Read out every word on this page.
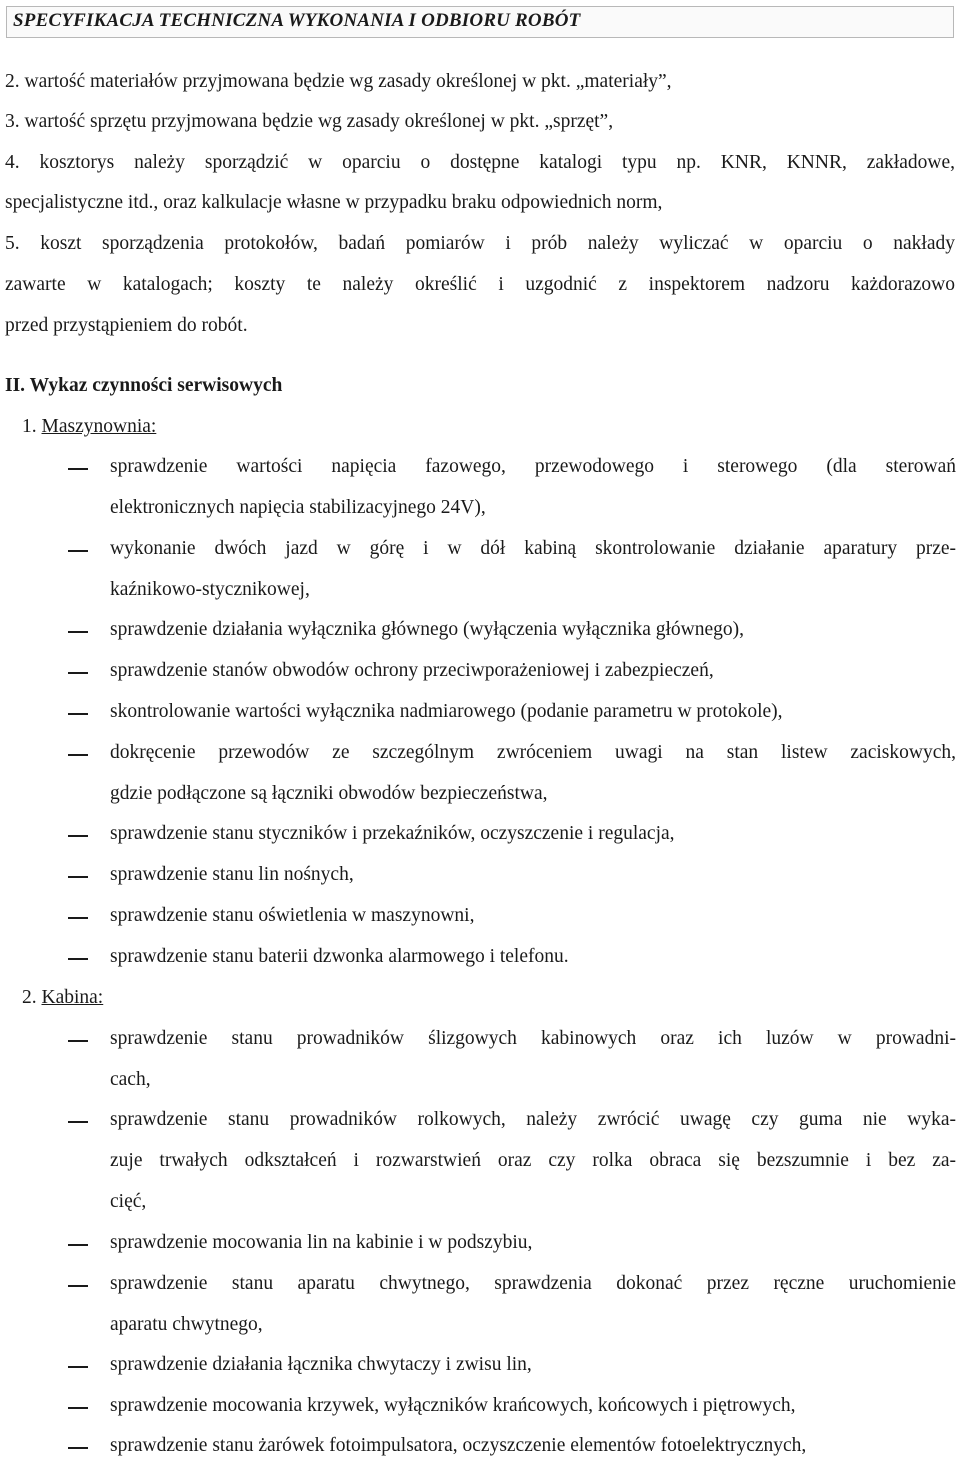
SPECYFIKACJA TECHNICZNA WYKONANIA I ODBIORU ROBÓT
2. wartość materiałów przyjmowana będzie wg zasady określonej w pkt. „materiały”,
3. wartość sprzętu przyjmowana będzie wg zasady określonej w pkt. „sprzęt”,
4. kosztorys należy sporządzić w oparciu o dostępne katalogi typu np. KNR, KNNR, zakładowe,
specjalistyczne itd., oraz kalkulacje własne w przypadku braku odpowiednich norm,
5. koszt sporządzenia protokołów, badań pomiarów i prób należy wyliczać w oparciu o nakłady
zawarte w katalogach; koszty te należy określić i uzgodnić z inspektorem nadzoru każdorazowo
przed przystąpieniem do robót.
II. Wykaz czynności serwisowych
1. Maszynownia:
sprawdzenie wartości napięcia fazowego, przewodowego i sterowego (dla sterowań
elektronicznych napięcia stabilizacyjnego 24V),
wykonanie dwóch jazd w górę i w dół kabiną skontrolowanie działanie aparatury prze-
kaźnikowo-stycznikowej,
sprawdzenie działania wyłącznika głównego (wyłączenia wyłącznika głównego),
sprawdzenie stanów obwodów ochrony przeciwporażeniowej i zabezpieczeń,
skontrolowanie wartości wyłącznika nadmiarowego (podanie parametru w protokole),
dokręcenie przewodów ze szczególnym zwróceniem uwagi na stan listew zaciskowych,
gdzie podłączone są łączniki obwodów bezpieczeństwa,
sprawdzenie stanu styczników i przekaźników, oczyszczenie i regulacja,
sprawdzenie stanu lin nośnych,
sprawdzenie stanu oświetlenia w maszynowni,
sprawdzenie stanu baterii dzwonka alarmowego i telefonu.
2. Kabina:
sprawdzenie stanu prowadników ślizgowych kabinowych oraz ich luzów w prowadni-
cach,
sprawdzenie stanu prowadników rolkowych, należy zwrócić uwagę czy guma nie wyka-
zuje trwałych odkształceń i rozwarstwień oraz czy rolka obraca się bezszumnie i bez za-
cięć,
sprawdzenie mocowania lin na kabinie i w podszybiu,
sprawdzenie stanu aparatu chwytnego, sprawdzenia dokonać przez ręczne uruchomienie
aparatu chwytnego,
sprawdzenie działania łącznika chwytaczy i zwisu lin,
sprawdzenie mocowania krzywek, wyłączników krańcowych, końcowych i piętrowych,
sprawdzenie stanu żarówek fotoimpulsatora, oczyszczenie elementów fotoelektrycznych,
